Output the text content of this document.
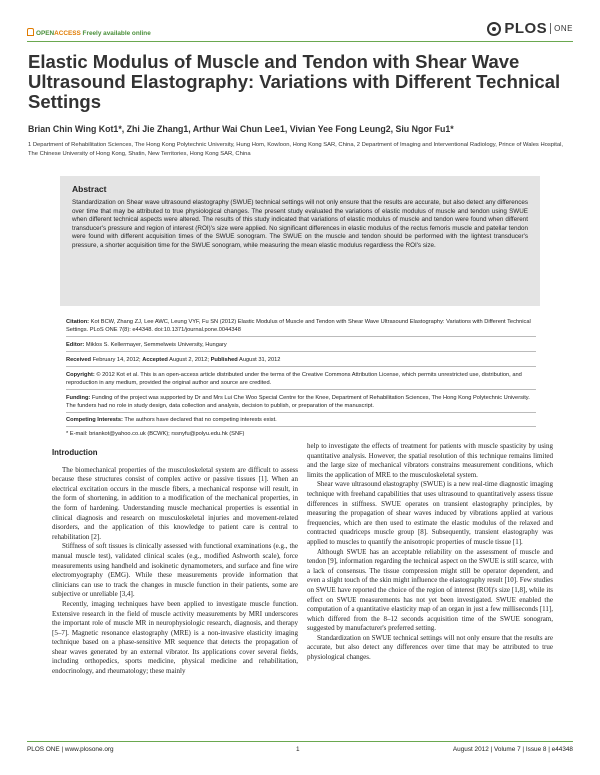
OPENACCESS Freely available online	PLOS ONE
Elastic Modulus of Muscle and Tendon with Shear Wave Ultrasound Elastography: Variations with Different Technical Settings
Brian Chin Wing Kot1*, Zhi Jie Zhang1, Arthur Wai Chun Lee1, Vivian Yee Fong Leung2, Siu Ngor Fu1*
1 Department of Rehabilitation Sciences, The Hong Kong Polytechnic University, Hung Hom, Kowloon, Hong Kong SAR, China, 2 Department of Imaging and Interventional Radiology, Prince of Wales Hospital, The Chinese University of Hong Kong, Shatin, New Territories, Hong Kong SAR, China
Abstract
Standardization on Shear wave ultrasound elastography (SWUE) technical settings will not only ensure that the results are accurate, but also detect any differences over time that may be attributed to true physiological changes. The present study evaluated the variations of elastic modulus of muscle and tendon using SWUE when different technical aspects were altered. The results of this study indicated that variations of elastic modulus of muscle and tendon were found when different transducer's pressure and region of interest (ROI)'s size were applied. No significant differences in elastic modulus of the rectus femoris muscle and patellar tendon were found with different acquisition times of the SWUE sonogram. The SWUE on the muscle and tendon should be performed with the lightest transducer's pressure, a shorter acquisition time for the SWUE sonogram, while measuring the mean elastic modulus regardless the ROI's size.
Citation: Kot BCW, Zhang ZJ, Lee AWC, Leung VYF, Fu SN (2012) Elastic Modulus of Muscle and Tendon with Shear Wave Ultrasound Elastography: Variations with Different Technical Settings. PLoS ONE 7(8): e44348. doi:10.1371/journal.pone.0044348
Editor: Miklos S. Kellermayer, Semmelweis University, Hungary
Received February 14, 2012; Accepted August 2, 2012; Published August 31, 2012
Copyright: © 2012 Kot et al. This is an open-access article distributed under the terms of the Creative Commons Attribution License, which permits unrestricted use, distribution, and reproduction in any medium, provided the original author and source are credited.
Funding: Funding of the project was supported by Dr and Mrs Lui Che Woo Special Centre for the Knee, Department of Rehabilitation Sciences, The Hong Kong Polytechnic University. The funders had no role in study design, data collection and analysis, decision to publish, or preparation of the manuscript.
Competing Interests: The authors have declared that no competing interests exist.
* E-mail: briankot@yahoo.co.uk (BCWK); rssnyfu@polyu.edu.hk (SNF)
Introduction

The biomechanical properties of the musculoskeletal system are difficult to assess because these structures consist of complex active or passive tissues [1]. When an electrical excitation occurs in the muscle fibers, a mechanical response will result, in the form of shortening, in addition to a modification of the mechanical properties, in the form of hardening. Understanding muscle mechanical properties is essential in clinical diagnosis and research on musculoskeletal injuries and movement-related disorders, and the application of this knowledge to patient care is central to rehabilitation [2].

Stiffness of soft tissues is clinically assessed with functional examinations (e.g., the manual muscle test), validated clinical scales (e.g., modified Ashworth scale), force measurements using handheld and isokinetic dynamometers, and surface and fine wire electromyography (EMG). While these measurements provide information that clinicians can use to track the changes in muscle function in their patients, some are subjective or unreliable [3,4].

Recently, imaging techniques have been applied to investigate muscle function. Extensive research in the field of muscle activity measurements by MRI underscores the important role of muscle MR in neurophysiologic research, diagnosis, and therapy [5–7]. Magnetic resonance elastography (MRE) is a non-invasive elasticity imaging technique based on a phase-sensitive MR sequence that detects the propagation of shear waves generated by an external vibrator. Its applications cover several fields, including orthopedics, sports medicine, physical medicine and rehabilitation, endocrinology, and rheumatology; these mainly

help to investigate the effects of treatment for patients with muscle spasticity by using quantitative analysis. However, the spatial resolution of this technique remains limited and the large size of mechanical vibrators constrains measurement conditions, which limits the application of MRE to the musculoskeletal system.

Shear wave ultrasound elastography (SWUE) is a new real-time diagnostic imaging technique with freehand capabilities that uses ultrasound to quantitatively assess tissue differences in stiffness. SWUE operates on transient elastography principles, by measuring the propagation of shear waves induced by vibrations applied at various frequencies, which are then used to estimate the elastic modulus of the relaxed and contracted quadriceps muscle group [8]. Subsequently, transient elastography was applied to muscles to quantify the anisotropic properties of muscle tissue [1].

Although SWUE has an acceptable reliability on the assessment of muscle and tendon [9], information regarding the technical aspect on the SWUE is still scarce, with a lack of consensus. The tissue compression might still be operator dependent, and even a slight touch of the skin might influence the elastography result [10]. Few studies on SWUE have reported the choice of the region of interest (ROI)'s size [1,8], while its effect on SWUE measurements has not yet been investigated. SWUE enabled the computation of a quantitative elasticity map of an organ in just a few milliseconds [11], which differed from the 8–12 seconds acquisition time of the SWUE sonogram, suggested by manufacturer's preferred setting.

Standardization on SWUE technical settings will not only ensure that the results are accurate, but also detect any differences over time that may be attributed to true physiological changes.

PLOS ONE | www.plosone.org	1	August 2012 | Volume 7 | Issue 8 | e44348
